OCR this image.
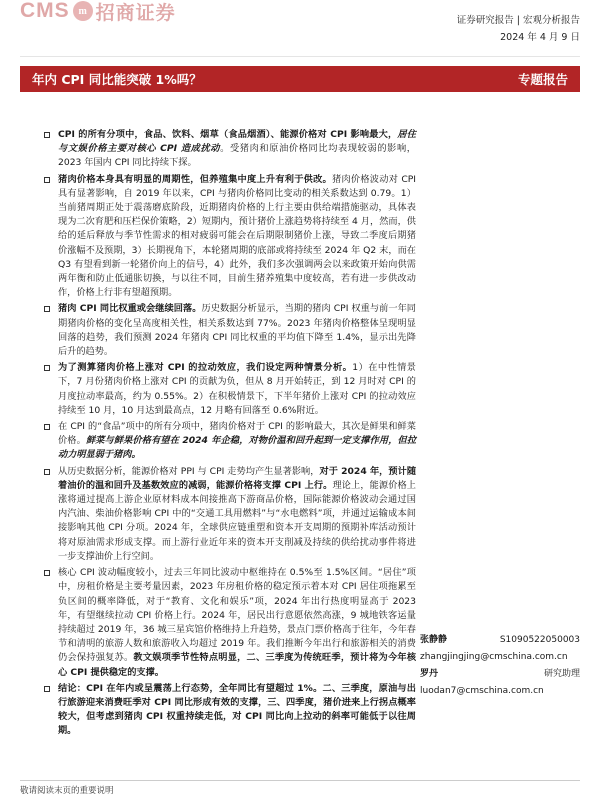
CMS m 招商证券	证券研究报告 | 宏观分析报告
2024 年 4 月 9 日
年内 CPI 同比能突破 1%吗？	专题报告
CPI 的所有分项中，食品、饮料、烟草（食品烟酒）、能源价格对 CPI 影响最大，居住与文娱价格主要对核心 CPI 造成扰动。受猪肉和原油价格同比均表现较弱的影响，2023 年国内 CPI 同比持续下探。
猪肉价格本身具有明显的周期性，但养殖集中度上升有利于供改。猪肉价格波动对 CPI 具有显著影响，自 2019 年以来，CPI 与猪肉价格同比变动的相关系数达到 0.79。1）当前猪周期正处于震荡磨底阶段，近期猪肉价格的上行主要由供给端措施驱动，具体表现为二次育肥和压栏保价策略，2）短期内，预计猪价上涨趋势将持续至 4 月，然而，供给的延后释放与季节性需求的相对疲弱可能会在后期限制猪价上涨，导致二季度后期猪价涨幅不及预期，3）长期视角下，本轮猪周期的底部或将持续至 2024 年 Q2 末，而在 Q3 有望看到新一轮猪价向上的信号，4）此外，我们多次强调两会以来政策开始向供需两年衡和防止低通胀切换，与以往不同，目前生猪养殖集中度较高，若有进一步供改动作，价格上行非有望超预期。
猪肉 CPI 同比权重或会继续回落。历史数据分析显示，当期的猪肉 CPI 权重与前一年同期猪肉价格的变化呈高度相关性，相关系数达到 77%。2023 年猪肉价格整体呈现明显回落的趋势，我们预测 2024 年猪肉 CPI 同比权重的平均值下降至 1.4%，显示出先降后升的趋势。
为了测算猪肉价格上涨对 CPI 的拉动效应，我们设定两种情景分析。1）在中性情景下，7 月份猪肉价格上涨对 CPI 的贡献为负，但从 8 月开始转正，到 12 月时对 CPI 的月度拉动率最高，约为 0.55%。2）在积极情景下，下半年猪价上涨对 CPI 的拉动效应持续至 10 月，10 月达到最高点，12 月略有回落至 0.6%附近。
在 CPI 的“食品”项中的所有分项中，猪肉价格对于 CPI 的影响最大，其次是鲜果和鲜菜价格。鲜菜与鲜果价格有望在 2024 年企稳，对物价温和回升起到一定支撑作用，但拉动力明显弱于猪肉。
从历史数据分析，能源价格对 PPI 与 CPI 走势均产生显著影响，对于 2024 年，预计随着油价的温和回升及基数效应的减弱，能源价格将支撑 CPI 上行。理论上，能源价格上涨将通过提高上游企业原材料成本间接推高下游商品价格，国际能源价格波动会通过国内汽油、柴油价格影响 CPI 中的“交通工具用燃料”与“水电燃料”项，并通过运输成本间接影响其他 CPI 分项。2024 年，全球供应链重塑和资本开支周期的预期补库活动预计将对原油需求形成支撑。而上游行业近年来的资本开支削减及持续的供给扰动事件将进一步支撑油价上行空间。
核心 CPI 波动幅度较小，过去三年同比波动中枢维持在 0.5%至 1.5%区间。“居住”项中，房租价格是主要考量因素，2023 年房租价格的稳定预示着本对 CPI 居住项拖累至负区间的概率降低，对于“教育、文化和娱乐”项，2024 年出行热度明显高于 2023 年，有望继续拉动 CPI 价格上行。2024 年，居民出行意愿依然高涨，9 城地铁客运量持续超过 2019 年，36 城三星宾馆价格维持上升趋势，景点门票价格高于往年，今年春节和清明的旅游人数和旅游收入均超过 2019 年。我们推断今年出行和旅游相关的消费仍会保持强复苏。教文娱项季节性特点明显，二、三季度为传统旺季，预计将为今年核心 CPI 提供稳定的支撑。
结论：CPI 在年内或呈震荡上行态势，全年同比有望超过 1%。二、三季度，原油与出行旅游迎来消费旺季对 CPI 同比形成有效的支撑，三、四季度，猪价进来上行拐点概率较大，但考虑到猪肉 CPI 权重持续走低，对 CPI 同比向上拉动的斜率可能低于以往周期。
张静静	S1090522050003
zhangjingjing@cmschina.com.cn
罗丹	研究助理
luodan7@cmschina.com.cn
敬请阅读末页的重要说明
